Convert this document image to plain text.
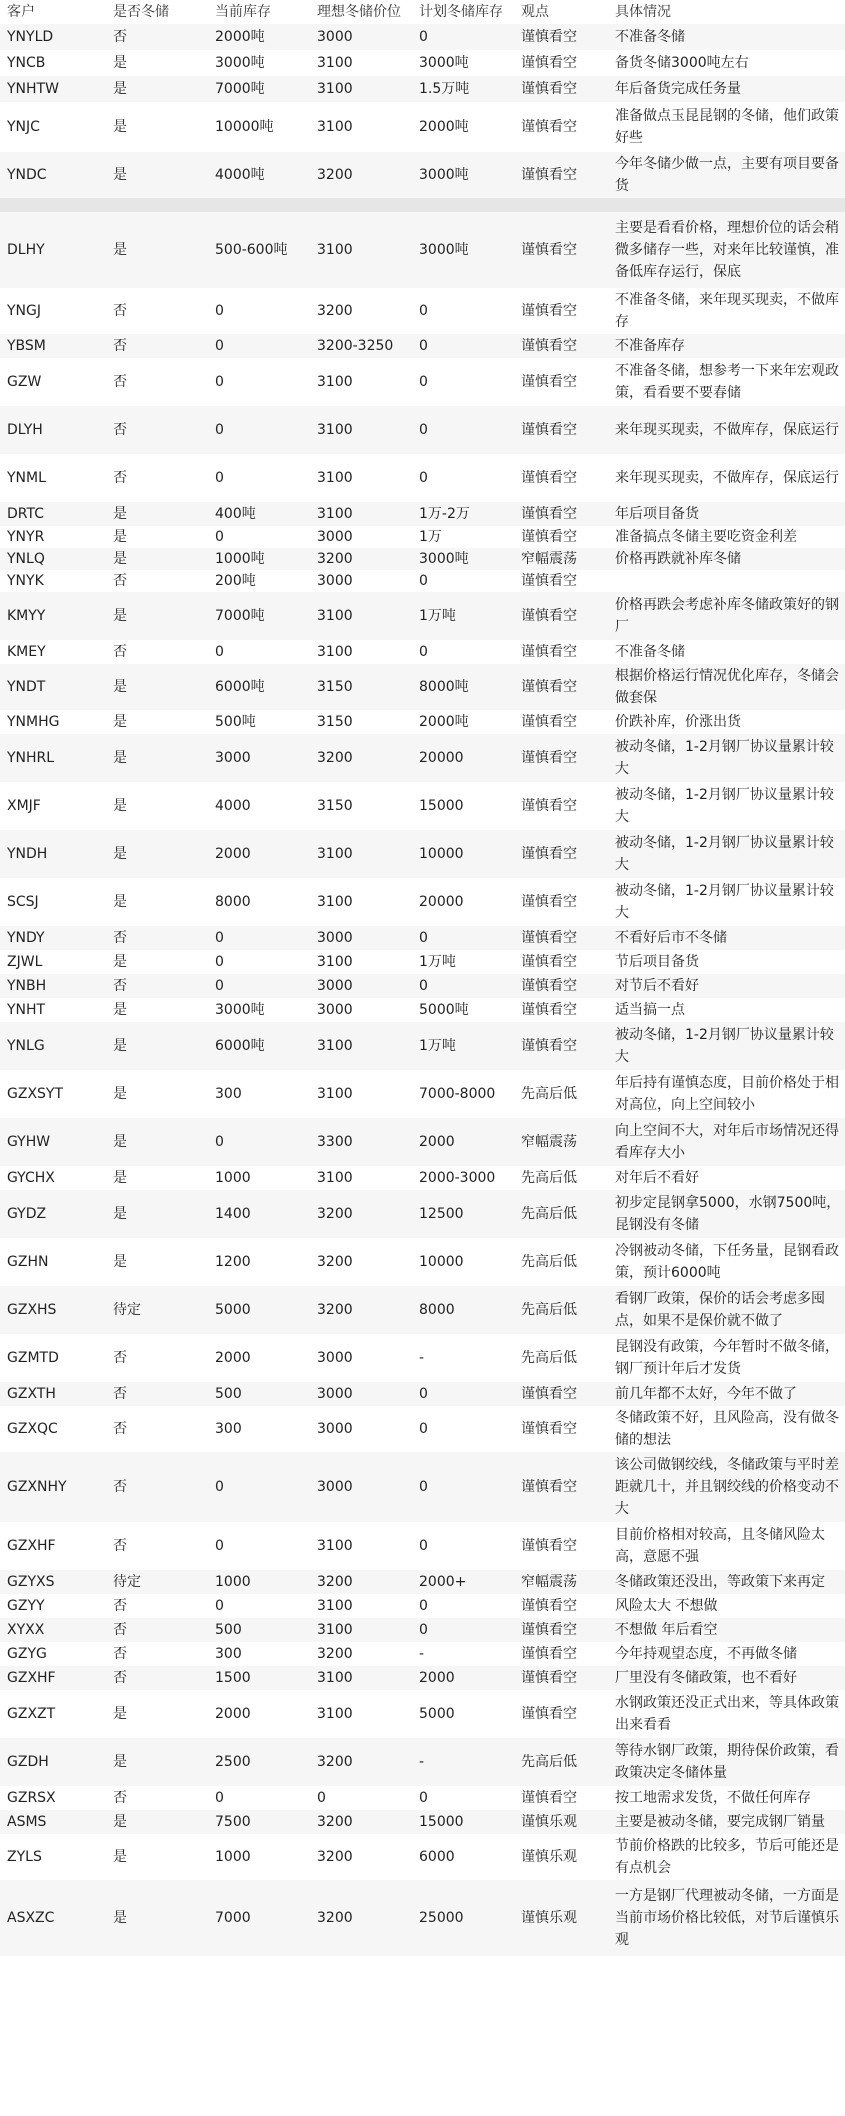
客户	是否冬储	当前库存	理想冬储价位	计划冬储库存	观点	具体情况
YNYLD	否	2000吨	3000	0	谨慎看空	不准备冬储
YNCB	是	3000吨	3100	3000吨	谨慎看空	备货冬储3000吨左右
YNHTW	是	7000吨	3100	1.5万吨	谨慎看空	年后备货完成任务量
YNJC	是	10000吨	3100	2000吨	谨慎看空	准备做点玉昆昆钢的冬储，他们政策好些
YNDC	是	4000吨	3200	3000吨	谨慎看空	今年冬储少做一点，主要有项目要备货

DLHY	是	500-600吨	3100	3000吨	谨慎看空	主要是看看价格，理想价位的话会稍微多储存一些，对来年比较谨慎，准备低库存运行，保底
YNGJ	否	0	3200	0	谨慎看空	不准备冬储，来年现买现卖，不做库存
YBSM	否	0	3200-3250	0	谨慎看空	不准备库存
GZW	否	0	3100	0	谨慎看空	不准备冬储，想参考一下来年宏观政策，看看要不要春储
DLYH	否	0	3100	0	谨慎看空	来年现买现卖，不做库存，保底运行
YNML	否	0	3100	0	谨慎看空	来年现买现卖，不做库存，保底运行
DRTC	是	400吨	3100	1万-2万	谨慎看空	年后项目备货
YNYR	是	0	3000	1万	谨慎看空	准备搞点冬储主要吃资金利差
YNLQ	是	1000吨	3200	3000吨	窄幅震荡	价格再跌就补库冬储
YNYK	否	200吨	3000	0	谨慎看空	
KMYY	是	7000吨	3100	1万吨	谨慎看空	价格再跌会考虑补库冬储政策好的钢厂
KMEY	否	0	3100	0	谨慎看空	不准备冬储
YNDT	是	6000吨	3150	8000吨	谨慎看空	根据价格运行情况优化库存，冬储会做套保
YNMHG	是	500吨	3150	2000吨	谨慎看空	价跌补库，价涨出货
YNHRL	是	3000	3200	20000	谨慎看空	被动冬储，1-2月钢厂协议量累计较大
XMJF	是	4000	3150	15000	谨慎看空	被动冬储，1-2月钢厂协议量累计较大
YNDH	是	2000	3100	10000	谨慎看空	被动冬储，1-2月钢厂协议量累计较大
SCSJ	是	8000	3100	20000	谨慎看空	被动冬储，1-2月钢厂协议量累计较大
YNDY	否	0	3000	0	谨慎看空	不看好后市不冬储
ZJWL	是	0	3100	1万吨	谨慎看空	节后项目备货
YNBH	否	0	3000	0	谨慎看空	对节后不看好
YNHT	是	3000吨	3000	5000吨	谨慎看空	适当搞一点
YNLG	是	6000吨	3100	1万吨	谨慎看空	被动冬储，1-2月钢厂协议量累计较大
GZXSYT	是	300	3100	7000-8000	先高后低	年后持有谨慎态度，目前价格处于相对高位，向上空间较小
GYHW	是	0	3300	2000	窄幅震荡	向上空间不大，对年后市场情况还得看库存大小
GYCHX	是	1000	3100	2000-3000	先高后低	对年后不看好
GYDZ	是	1400	3200	12500	先高后低	初步定昆钢拿5000，水钢7500吨，昆钢没有冬储
GZHN	是	1200	3200	10000	先高后低	冷钢被动冬储，下任务量，昆钢看政策，预计6000吨
GZXHS	待定	5000	3200	8000	先高后低	看钢厂政策，保价的话会考虑多囤点，如果不是保价就不做了
GZMTD	否	2000	3000	-	先高后低	昆钢没有政策，今年暂时不做冬储，钢厂预计年后才发货
GZXTH	否	500	3000	0	谨慎看空	前几年都不太好，今年不做了
GZXQC	否	300	3000	0	谨慎看空	冬储政策不好，且风险高，没有做冬储的想法
GZXNHY	否	0	3000	0	谨慎看空	该公司做钢绞线，冬储政策与平时差距就几十，并且钢绞线的价格变动不大
GZXHF	否	0	3100	0	谨慎看空	目前价格相对较高，且冬储风险太高，意愿不强
GZYXS	待定	1000	3200	2000+	窄幅震荡	冬储政策还没出，等政策下来再定
GZYY	否	0	3100	0	谨慎看空	风险太大 不想做
XYXX	否	500	3100	0	谨慎看空	不想做 年后看空
GZYG	否	300	3200	-	谨慎看空	今年持观望态度，不再做冬储
GZXHF	否	1500	3100	2000	谨慎看空	厂里没有冬储政策，也不看好
GZXZT	是	2000	3100	5000	谨慎看空	水钢政策还没正式出来，等具体政策出来看看
GZDH	是	2500	3200	-	先高后低	等待水钢厂政策，期待保价政策，看政策决定冬储体量
GZRSX	否	0	0	0	谨慎看空	按工地需求发货，不做任何库存
ASMS	是	7500	3200	15000	谨慎乐观	主要是被动冬储，要完成钢厂销量
ZYLS	是	1000	3200	6000	谨慎乐观	节前价格跌的比较多，节后可能还是有点机会
ASXZC	是	7000	3200	25000	谨慎乐观	一方是钢厂代理被动冬储，一方面是当前市场价格比较低，对节后谨慎乐观
